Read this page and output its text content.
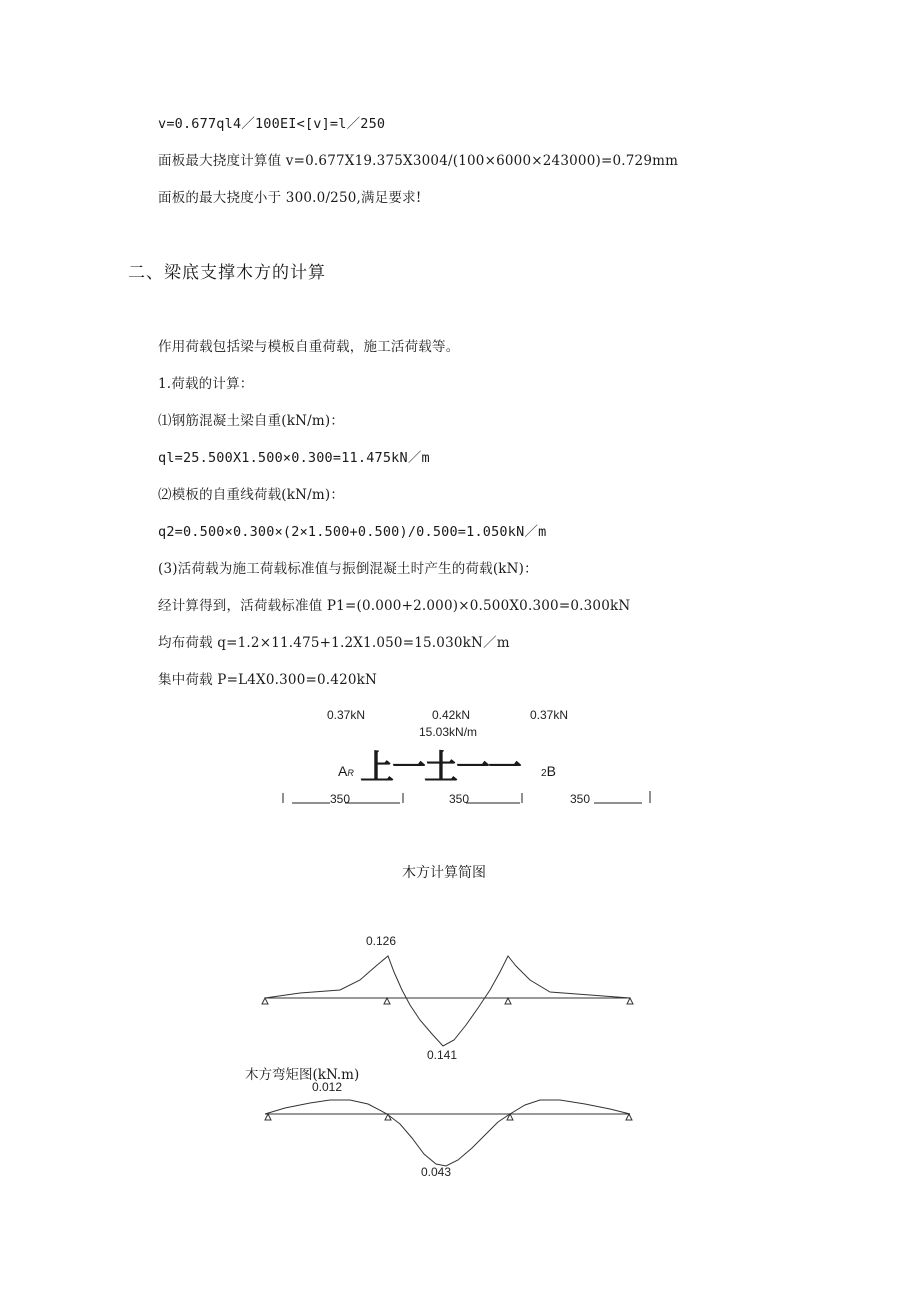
v=0.677ql4／100EI<[v]=l／250
面板最大挠度计算值 v=0.677X19.375X3004/(100×6000×243000)=0.729mm
面板的最大挠度小于 300.0/250,满足要求!
二、梁底支撑木方的计算
作用荷载包括梁与模板自重荷载，施工活荷载等。
1.荷载的计算：
⑴钢筋混凝土梁自重(kN/m)：
ql=25.500X1.500×0.300=11.475kN／m
⑵模板的自重线荷载(kN/m)：
q2=0.500×0.300×(2×1.500+0.500)/0.500=1.050kN／m
(3)活荷载为施工荷载标准值与振倒混凝土时产生的荷载(kN)：
经计算得到，活荷载标准值 P1=(0.000+2.000)×0.500X0.300=0.300kN
均布荷载 q=1.2×11.475+1.2X1.050=15.030kN／m
集中荷载 P=L4X0.300=0.420kN
0.37kN	0.42kN	0.37kN
15.03kN/m
AR 上一土一一 2B
350	350	350
木方计算简图
0.126
0.141
木方弯矩图(kN.m)
0.012
0.043
